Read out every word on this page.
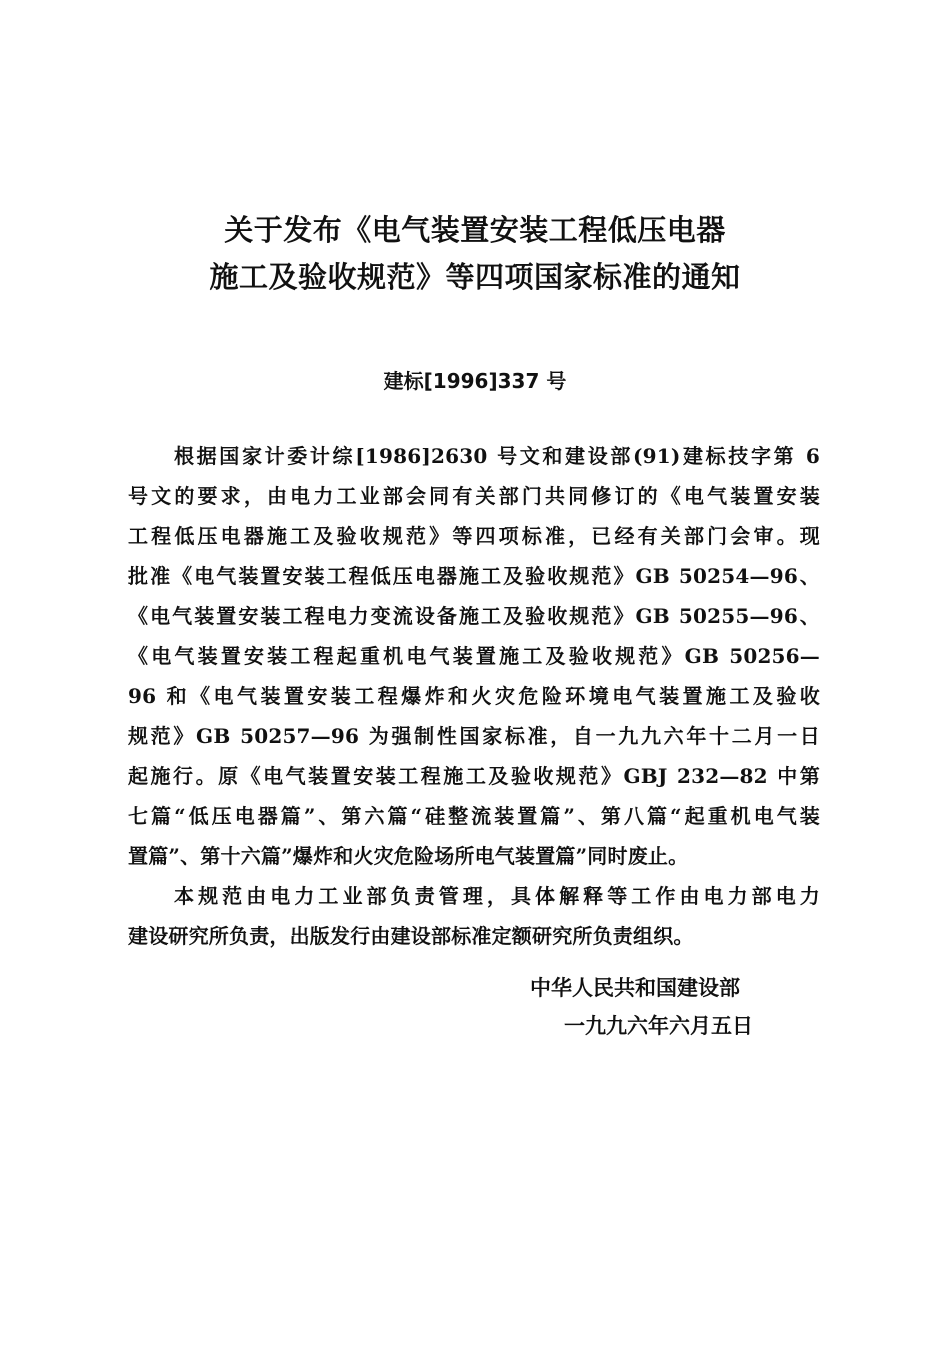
关于发布《电气装置安装工程低压电器
施工及验收规范》等四项国家标准的通知
建标[1996]337 号
根据国家计委计综[1986]2630 号文和建设部(91)建标技字第 6
号文的要求，由电力工业部会同有关部门共同修订的《电气装置安装
工程低压电器施工及验收规范》等四项标准，已经有关部门会审。现
批准《电气装置安装工程低压电器施工及验收规范》GB 50254—96、
《电气装置安装工程电力变流设备施工及验收规范》GB 50255—96、
《电气装置安装工程起重机电气装置施工及验收规范》GB 50256—
96 和《电气装置安装工程爆炸和火灾危险环境电气装置施工及验收
规范》GB 50257—96 为强制性国家标准，自一九九六年十二月一日
起施行。原《电气装置安装工程施工及验收规范》GBJ 232—82 中第
七篇“低压电器篇”、第六篇“硅整流装置篇”、第八篇“起重机电气装
置篇”、第十六篇”爆炸和火灾危险场所电气装置篇”同时废止。
本规范由电力工业部负责管理，具体解释等工作由电力部电力
建设研究所负责，出版发行由建设部标准定额研究所负责组织。
中华人民共和国建设部
一九九六年六月五日
